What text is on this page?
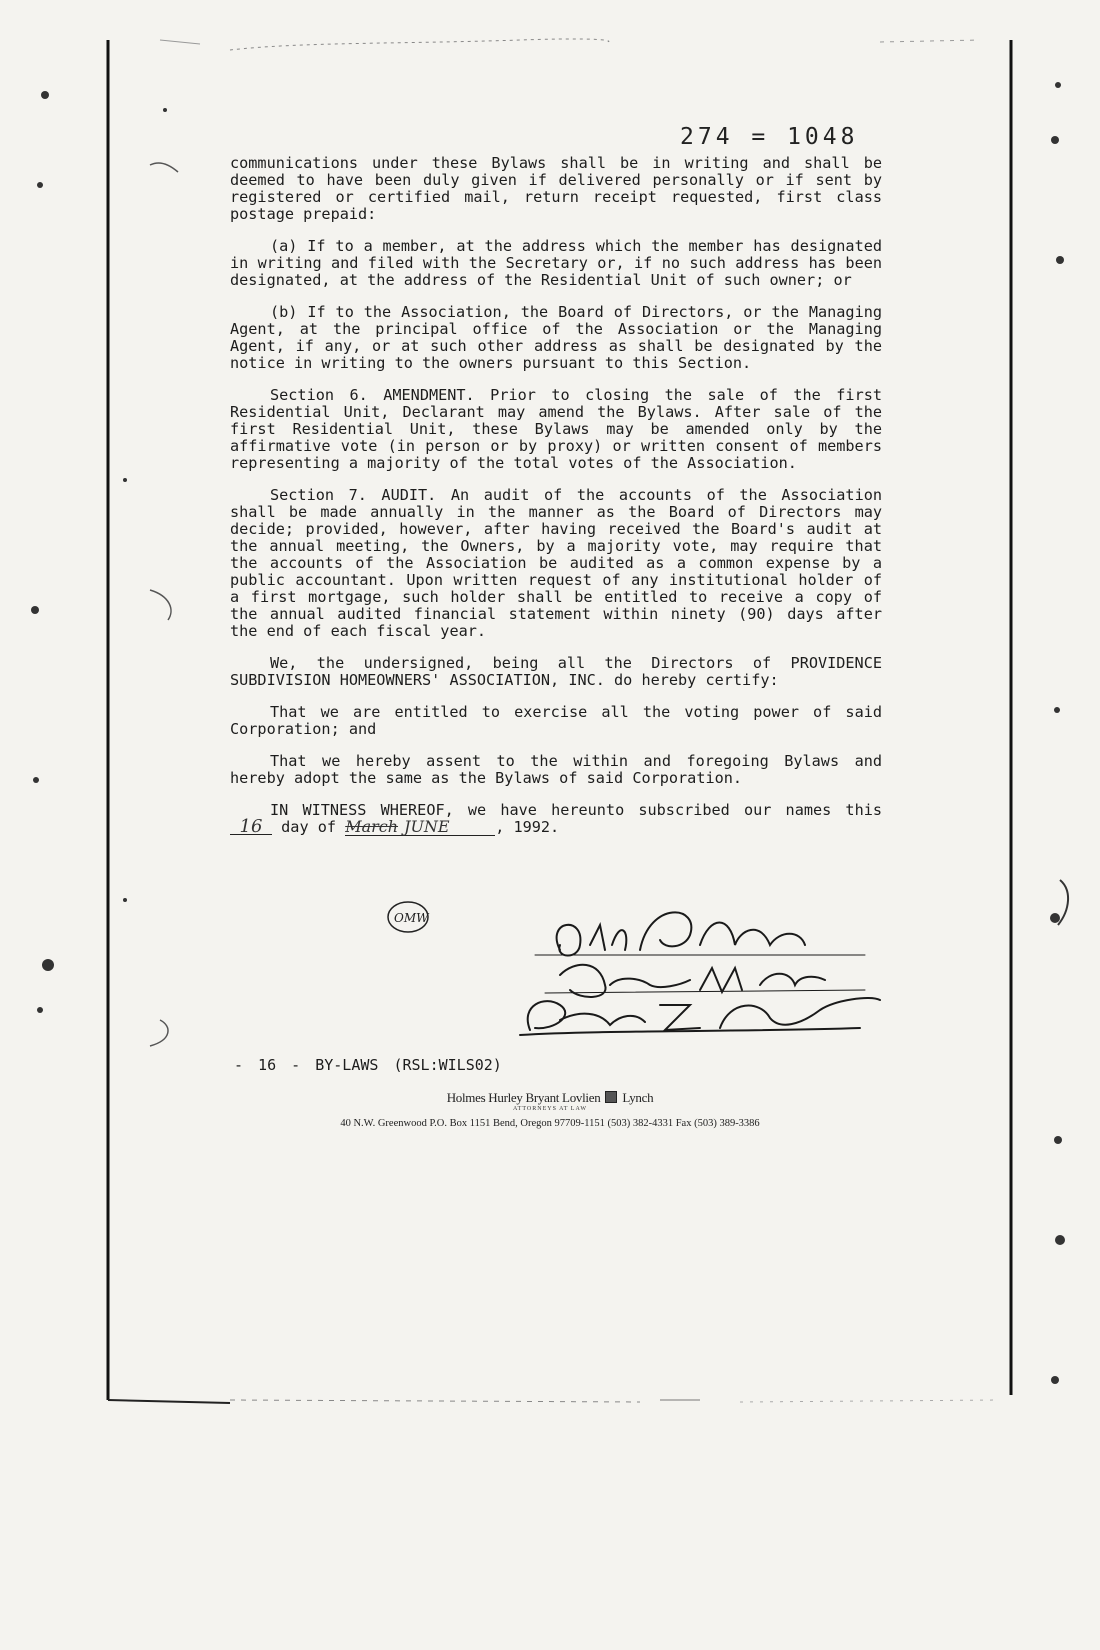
274 = 1048

communications under these Bylaws shall be in writing and shall be deemed to have been duly given if delivered personally or if sent by registered or certified mail, return receipt requested, first class postage prepaid:

(a) If to a member, at the address which the member has designated in writing and filed with the Secretary or, if no such address has been designated, at the address of the Residential Unit of such owner; or

(b) If to the Association, the Board of Directors, or the Managing Agent, at the principal office of the Association or the Managing Agent, if any, or at such other address as shall be designated by the notice in writing to the owners pursuant to this Section.

Section 6. AMENDMENT. Prior to closing the sale of the first Residential Unit, Declarant may amend the Bylaws. After sale of the first Residential Unit, these Bylaws may be amended only by the affirmative vote (in person or by proxy) or written consent of members representing a majority of the total votes of the Association.

Section 7. AUDIT. An audit of the accounts of the Association shall be made annually in the manner as the Board of Directors may decide; provided, however, after having received the Board's audit at the annual meeting, the Owners, by a majority vote, may require that the accounts of the Association be audited as a common expense by a public accountant. Upon written request of any institutional holder of a first mortgage, such holder shall be entitled to receive a copy of the annual audited financial statement within ninety (90) days after the end of each fiscal year.

We, the undersigned, being all the Directors of PROVIDENCE SUBDIVISION HOMEOWNERS' ASSOCIATION, INC. do hereby certify:

That we are entitled to exercise all the voting power of said Corporation; and

That we hereby assent to the within and foregoing Bylaws and hereby adopt the same as the Bylaws of said Corporation.

IN WITNESS WHEREOF, we have hereunto subscribed our names this 16 day of March JUNE	, 1992.

OMW
- 16 - BY-LAWS (RSL:WILS02)
Holmes Hurley Bryant Lovlien Lynch
ATTORNEYS AT LAW
40 N.W. Greenwood P.O. Box 1151 Bend, Oregon 97709-1151 (503) 382-4331 Fax (503) 389-3386
